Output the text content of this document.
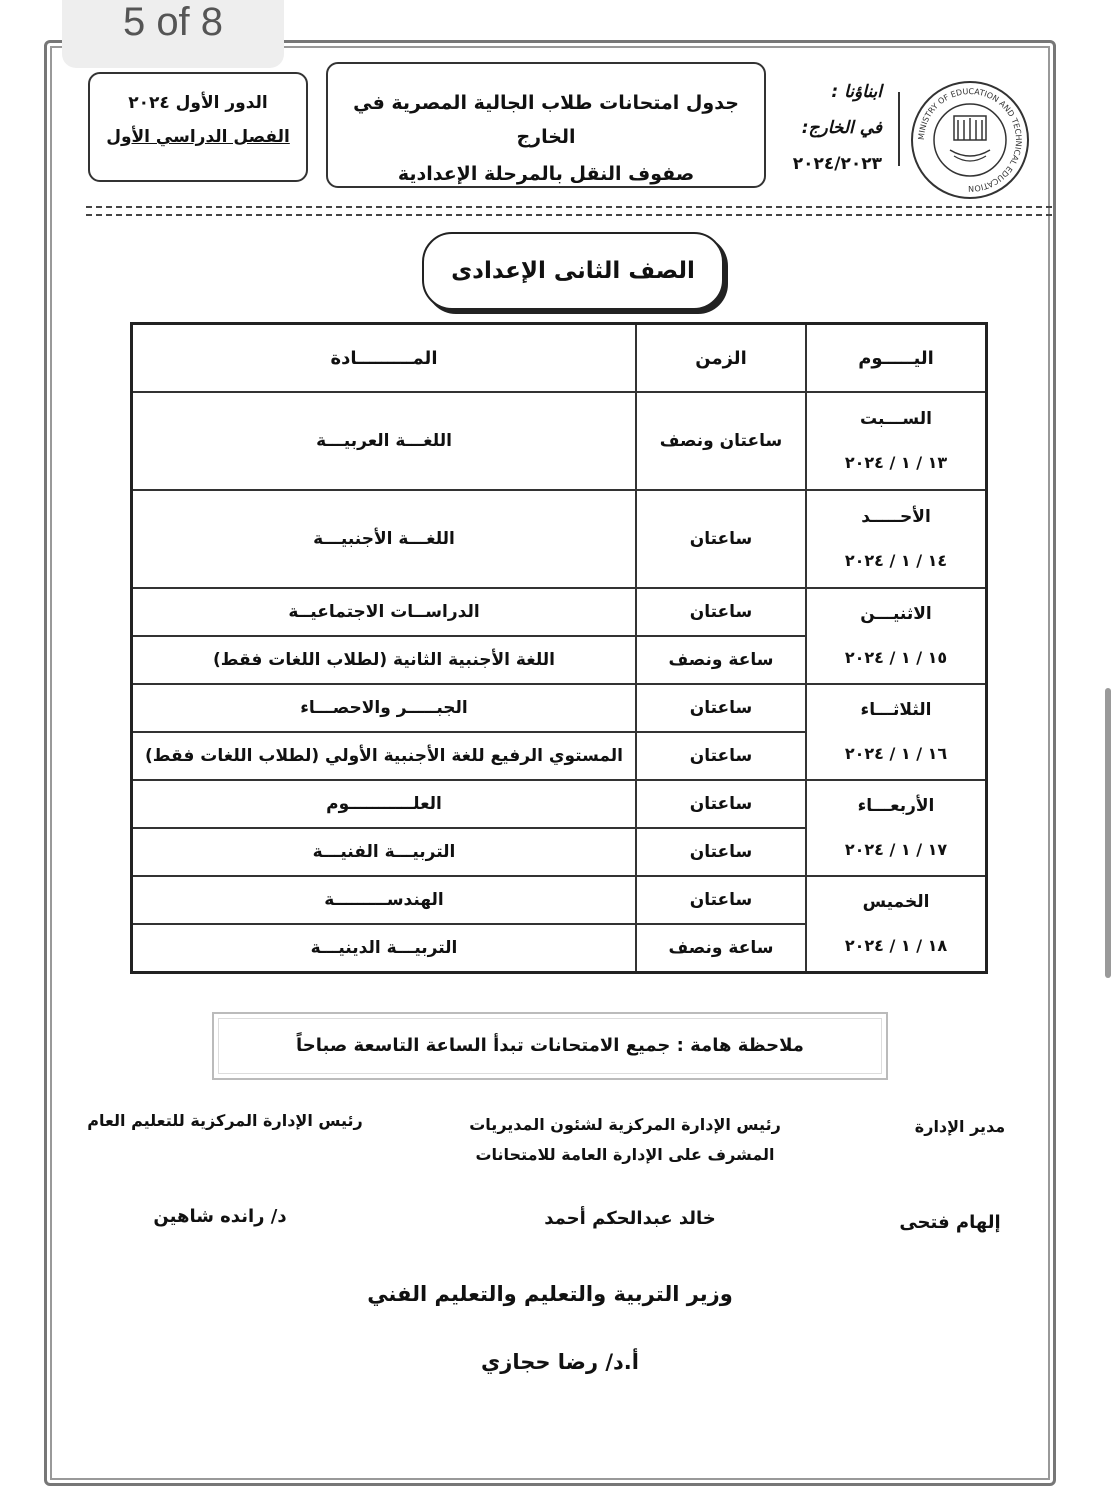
5 of 8
الدور الأول ٢٠٢٤
الفصل الدراسي الأول
جدول امتحانات طلاب الجالية المصرية في الخارج
صفوف النقل بالمرحلة الإعدادية
ابناؤنا :
في الخارج:
٢٠٢٤/٢٠٢٣
MINISTRY OF EDUCATION AND TECHNICAL EDUCATION
الصف الثانى الإعدادى
اليـــــوم	الزمن	المـــــــــادة
الســـبت
١٣ / ١ / ٢٠٢٤	ساعتان ونصف	اللغـــة العربيـــة
الأحـــــد
١٤ / ١ / ٢٠٢٤	ساعتان	اللغـــة الأجنبيـــة
الاثنيـــن
١٥ / ١ / ٢٠٢٤	ساعتان	الدراســات الاجتماعيــة
	ساعة ونصف	اللغة الأجنبية الثانية (لطلاب اللغات فقط)
الثلاثـــاء
١٦ / ١ / ٢٠٢٤	ساعتان	الجبـــــر والاحصـــاء
	ساعتان	المستوي الرفيع للغة الأجنبية الأولي (لطلاب اللغات فقط)
الأربعـــاء
١٧ / ١ / ٢٠٢٤	ساعتان	العلـــــــــــوم
	ساعتان	التربيـــة الفنيـــة
الخميس
١٨ / ١ / ٢٠٢٤	ساعتان	الهندســـــــــة
	ساعة ونصف	التربيـــة الدينيـــة
ملاحظة هامة : جميع الامتحانات تبدأ الساعة التاسعة صباحاً
مدير الإدارة
رئيس الإدارة المركزية لشئون المديريات
المشرف على الإدارة العامة للامتحانات
رئيس الإدارة المركزية للتعليم العام
إلهام فتحى
خالد عبدالحكم أحمد
د/ رانده شاهين
وزير التربية والتعليم والتعليم الفني
أ.د/ رضا حجازي
